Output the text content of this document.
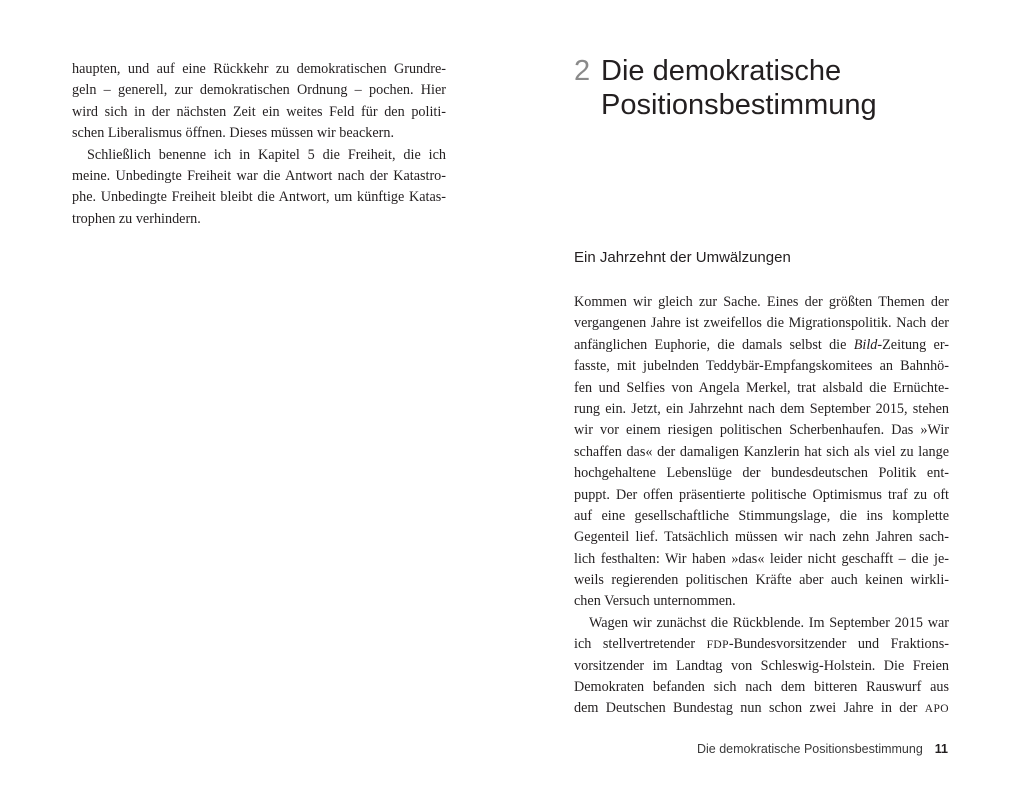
haupten, und auf eine Rückkehr zu demokratischen Grundre-
geln – generell, zur demokratischen Ordnung – pochen. Hier
wird sich in der nächsten Zeit ein weites Feld für den politi-
schen Liberalismus öffnen. Dieses müssen wir beackern.
Schließlich benenne ich in Kapitel 5 die Freiheit, die ich
meine. Unbedingte Freiheit war die Antwort nach der Katastro-
phe. Unbedingte Freiheit bleibt die Antwort, um künftige Katas-
trophen zu verhindern.
2 Die demokratische
Positionsbestimmung
Ein Jahrzehnt der Umwälzungen
Kommen wir gleich zur Sache. Eines der größten Themen der
vergangenen Jahre ist zweifellos die Migrationspolitik. Nach der
anfänglichen Euphorie, die damals selbst die Bild-Zeitung er-
fasste, mit jubelnden Teddybär-Empfangskomitees an Bahnhö-
fen und Selfies von Angela Merkel, trat alsbald die Ernüchte-
rung ein. Jetzt, ein Jahrzehnt nach dem September 2015, stehen
wir vor einem riesigen politischen Scherbenhaufen. Das »Wir
schaffen das« der damaligen Kanzlerin hat sich als viel zu lange
hochgehaltene Lebenslüge der bundesdeutschen Politik ent-
puppt. Der offen präsentierte politische Optimismus traf zu oft
auf eine gesellschaftliche Stimmungslage, die ins komplette
Gegenteil lief. Tatsächlich müssen wir nach zehn Jahren sach-
lich festhalten: Wir haben »das« leider nicht geschafft – die je-
weils regierenden politischen Kräfte aber auch keinen wirkli-
chen Versuch unternommen.
Wagen wir zunächst die Rückblende. Im September 2015 war
ich stellvertretender FDP-Bundesvorsitzender und Fraktions-
vorsitzender im Landtag von Schleswig-Holstein. Die Freien
Demokraten befanden sich nach dem bitteren Rauswurf aus
dem Deutschen Bundestag nun schon zwei Jahre in der APO
Die demokratische Positionsbestimmung 11
